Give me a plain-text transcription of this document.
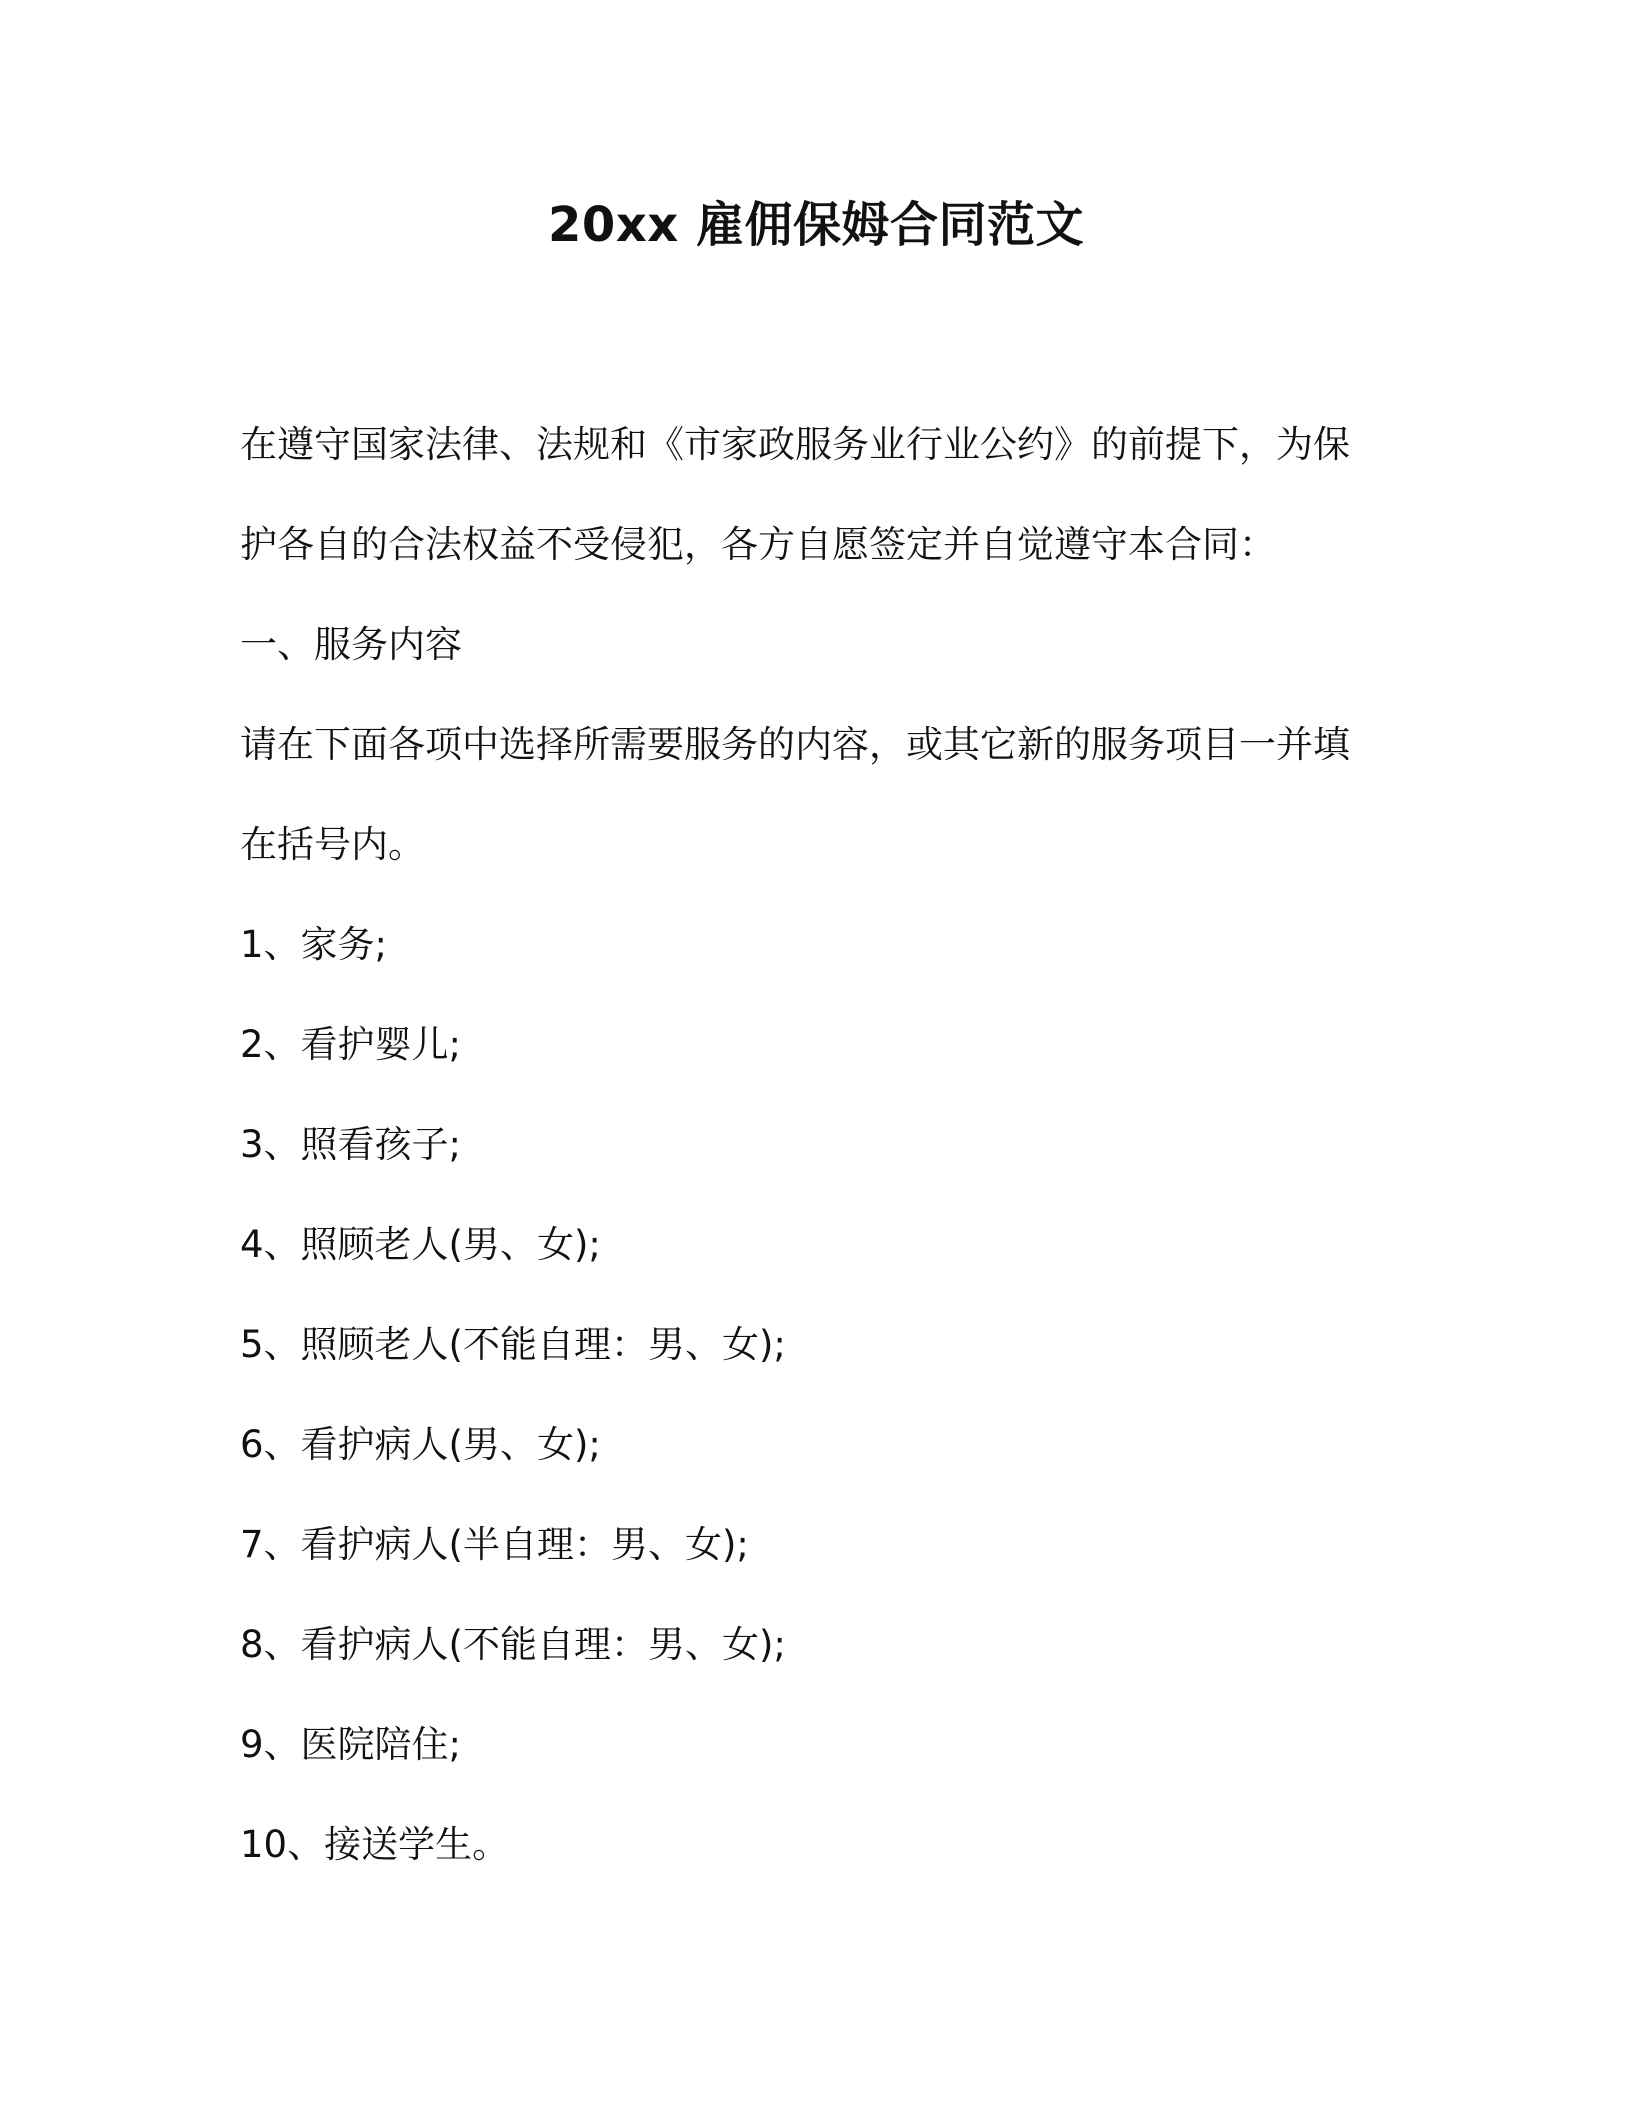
20xx 雇佣保姆合同范文

在遵守国家法律、法规和《市家政服务业行业公约》的前提下，为保

护各自的合法权益不受侵犯，各方自愿签定并自觉遵守本合同：

一、服务内容

请在下面各项中选择所需要服务的内容，或其它新的服务项目一并填

在括号内。

1、家务;

2、看护婴儿;

3、照看孩子;

4、照顾老人(男、女);

5、照顾老人(不能自理：男、女);

6、看护病人(男、女);

7、看护病人(半自理：男、女);

8、看护病人(不能自理：男、女);

9、医院陪住;

10、接送学生。
